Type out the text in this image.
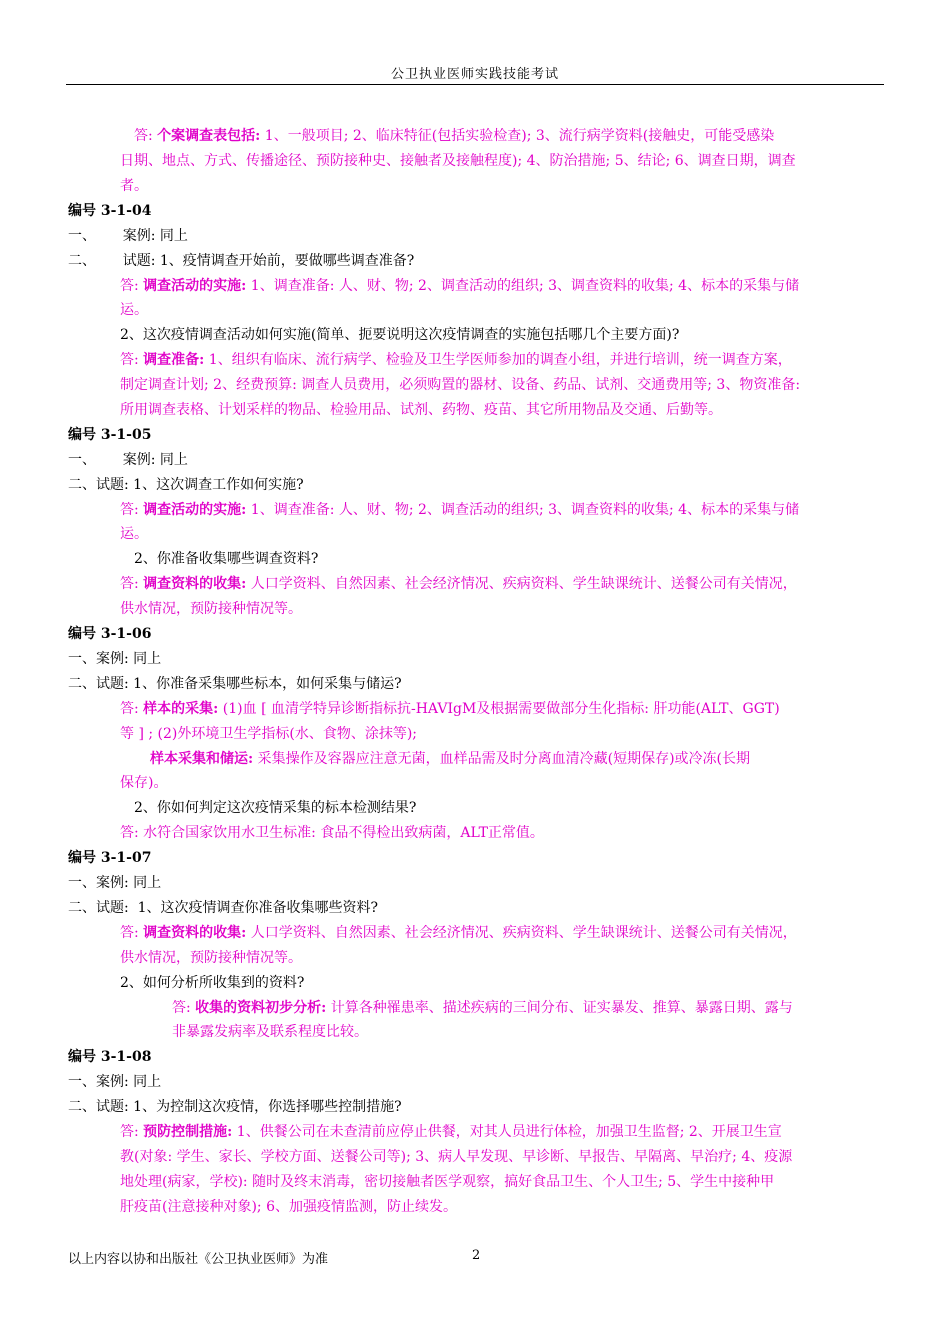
公卫执业医师实践技能考试
答: 个案调查表包括: 1、一般项目; 2、临床特征(包括实验检查); 3、流行病学资料(接触史，可能受感染
日期、地点、方式、传播途径、预防接种史、接触者及接触程度); 4、防治措施; 5、结论; 6、调查日期，调查
者。
编号 3-1-04
一、      案例: 同上
二、      试题: 1、疫情调查开始前，要做哪些调查准备?
答: 调查活动的实施: 1、调查准备: 人、财、物; 2、调查活动的组织; 3、调查资料的收集; 4、标本的采集与储
运。
2、这次疫情调查活动如何实施(简单、扼要说明这次疫情调查的实施包括哪几个主要方面)?
答: 调查准备: 1、组织有临床、流行病学、检验及卫生学医师参加的调查小组，并进行培训，统一调查方案，
制定调查计划; 2、经费预算: 调查人员费用，必须购置的器材、设备、药品、试剂、交通费用等; 3、物资准备:
所用调查表格、计划采样的物品、检验用品、试剂、药物、疫苗、其它所用物品及交通、后勤等。
编号 3-1-05
一、      案例: 同上
二、试题: 1、这次调查工作如何实施?
答: 调查活动的实施: 1、调查准备: 人、财、物; 2、调查活动的组织; 3、调查资料的收集; 4、标本的采集与储
运。
2、你准备收集哪些调查资料?
答: 调查资料的收集: 人口学资料、自然因素、社会经济情况、疾病资料、学生缺课统计、送餐公司有关情况，
供水情况，预防接种情况等。
编号 3-1-06
一、案例: 同上
二、试题: 1、你准备采集哪些标本，如何采集与储运?
答: 样本的采集: (1)血 [ 血清学特异诊断指标抗-HAVIgM及根据需要做部分生化指标: 肝功能(ALT、GGT)
等 ] ; (2)外环境卫生学指标(水、食物、涂抹等);
样本采集和储运: 采集操作及容器应注意无菌，血样品需及时分离血清冷藏(短期保存)或冷冻(长期
保存)。
2、你如何判定这次疫情采集的标本检测结果?
答: 水符合国家饮用水卫生标准: 食品不得检出致病菌，ALT正常值。
编号 3-1-07
一、案例: 同上
二、试题:  1、这次疫情调查你准备收集哪些资料?
答: 调查资料的收集: 人口学资料、自然因素、社会经济情况、疾病资料、学生缺课统计、送餐公司有关情况，
供水情况，预防接种情况等。
2、如何分析所收集到的资料?
答: 收集的资料初步分析: 计算各种罹患率、描述疾病的三间分布、证实暴发、推算、暴露日期、露与
非暴露发病率及联系程度比较。
编号 3-1-08
一、案例: 同上
二、试题: 1、为控制这次疫情，你选择哪些控制措施?
答: 预防控制措施: 1、供餐公司在未查清前应停止供餐，对其人员进行体检，加强卫生监督; 2、开展卫生宣
教(对象: 学生、家长、学校方面、送餐公司等); 3、病人早发现、早诊断、早报告、早隔离、早治疗; 4、疫源
地处理(病家，学校): 随时及终末消毒，密切接触者医学观察，搞好食品卫生、个人卫生; 5、学生中接种甲
肝疫苗(注意接种对象); 6、加强疫情监测，防止续发。
以上内容以协和出版社《公卫执业医师》为准	2
